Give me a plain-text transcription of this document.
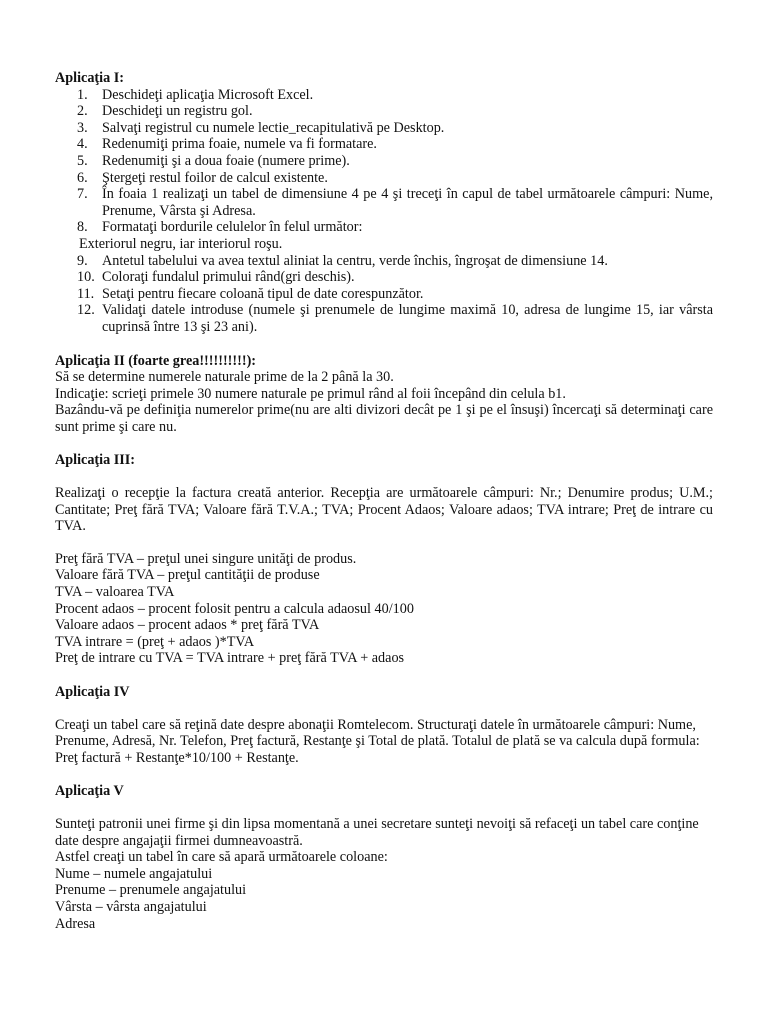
Aplicaţia I:

1. Deschideţi aplicaţia Microsoft Excel.
2. Deschideţi un registru gol.
3. Salvaţi registrul cu numele lectie_recapitulativă pe Desktop.
4. Redenumiţi prima foaie, numele va fi formatare.
5. Redenumiţi şi a doua foaie (numere prime).
6. Ştergeţi restul foilor de calcul existente.
7. În foaia 1 realizaţi un tabel de dimensiune 4 pe 4 şi treceţi în capul de tabel următoarele câmpuri: Nume, Prenume, Vârsta şi Adresa.
8. Formataţi bordurile celulelor în felul următor:
Exteriorul negru, iar interiorul roşu.
9. Antetul tabelului va avea textul aliniat la centru, verde închis, îngroşat de dimensiune 14.
10. Coloraţi fundalul primului rând(gri deschis).
11. Setaţi pentru fiecare coloană tipul de date corespunzător.
12. Validaţi datele introduse (numele şi prenumele de lungime maximă 10, adresa de lungime 15, iar vârsta cuprinsă între 13 şi 23 ani).

Aplicaţia II (foarte grea!!!!!!!!!!):

Să se determine numerele naturale prime de la 2 până la 30.

Indicaţie: scrieţi primele 30 numere naturale pe primul rând al foii începând din celula b1.

Bazându-vă pe definiţia numerelor prime(nu are alti divizori decât pe 1 şi pe el însuşi) încercaţi să determinaţi care sunt prime şi care nu.

Aplicaţia III:

Realizaţi o recepţie la factura creată anterior. Recepţia are următoarele câmpuri: Nr.; Denumire produs; U.M.; Cantitate; Preţ fără TVA; Valoare fără T.V.A.; TVA; Procent Adaos; Valoare adaos; TVA intrare; Preţ de intrare cu TVA.

Preţ fără TVA – preţul unei singure unităţi de produs.

Valoare fără TVA – preţul cantităţii de produse

TVA – valoarea TVA

Procent adaos – procent folosit pentru a calcula adaosul 40/100

Valoare adaos – procent adaos * preţ fără TVA

TVA intrare = (preţ + adaos )*TVA

Preţ de intrare cu TVA = TVA intrare + preţ fără TVA + adaos

Aplicaţia IV

Creaţi un tabel care să reţină date despre abonaţii Romtelecom. Structuraţi datele în următoarele câmpuri: Nume, Prenume, Adresă, Nr. Telefon, Preţ factură, Restanţe şi Total de plată. Totalul de plată se va calcula după formula: Preţ factură + Restanţe*10/100 + Restanţe.

Aplicaţia V

Sunteţi patronii unei firme şi din lipsa momentană a unei secretare sunteţi nevoiţi să refaceţi un tabel care conţine date despre angajaţii firmei dumneavoastră.

Astfel creaţi un tabel în care să apară următoarele coloane:

Nume – numele angajatului

Prenume – prenumele angajatului

Vârsta – vârsta angajatului

Adresa
